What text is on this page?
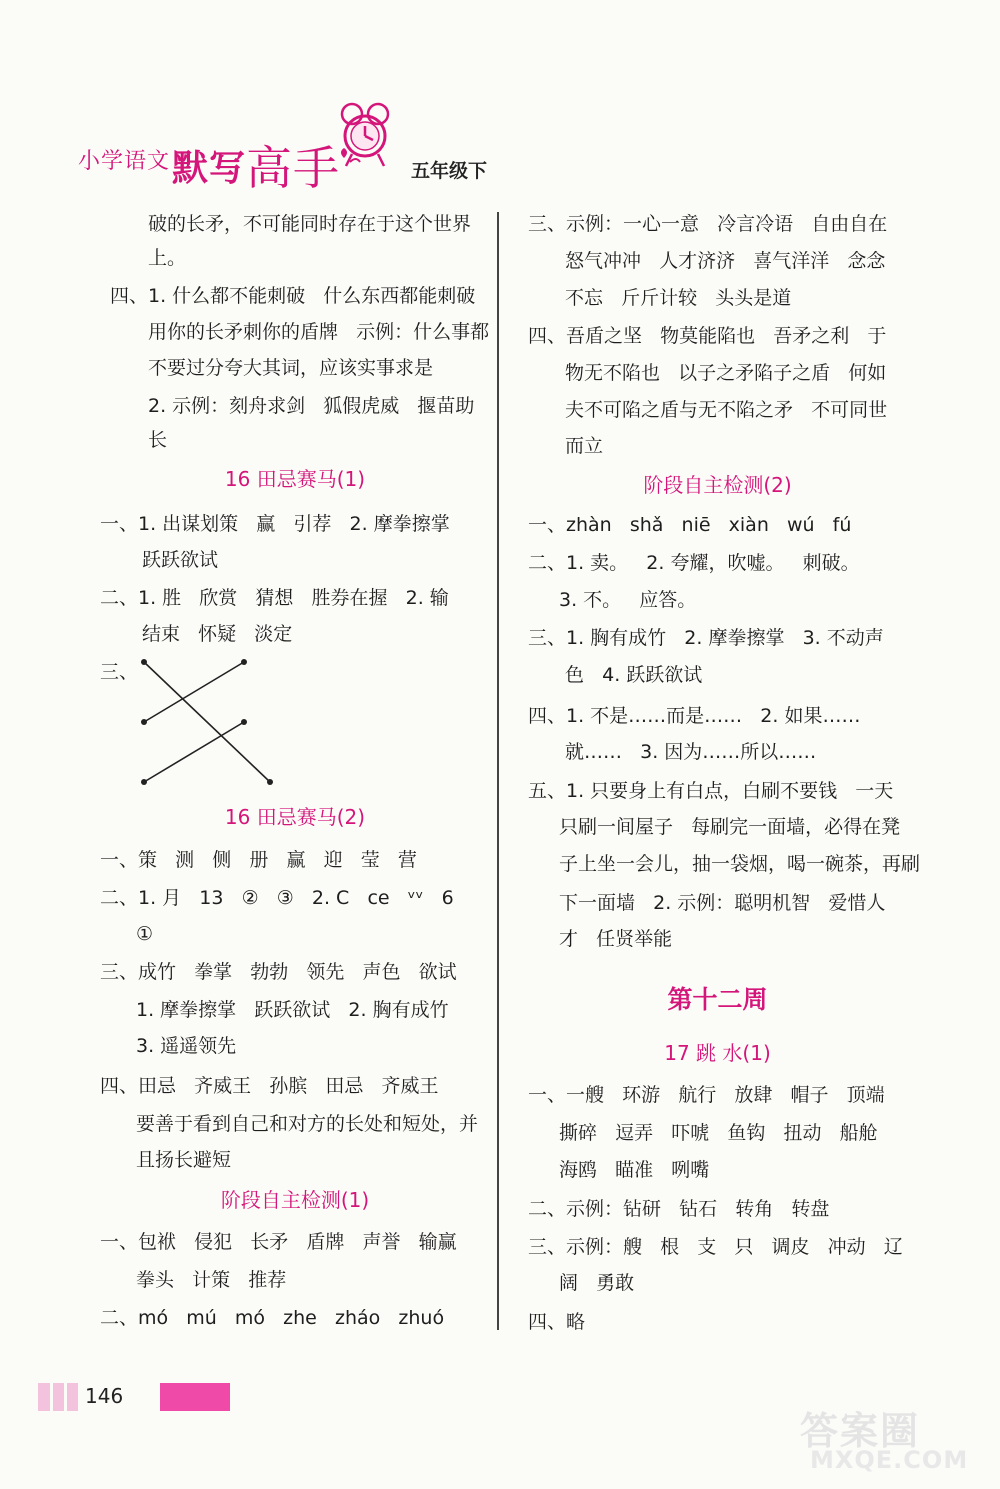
小学语文 默写高手	五年级下
破的长矛，不可能同时存在于这个世界
上。
四、1. 什么都不能刺破   什么东西都能刺破
用你的长矛刺你的盾牌   示例：什么事都
不要过分夸大其词，应该实事求是
2. 示例：刻舟求剑   狐假虎威   揠苗助
长
16 田忌赛马(1)
一、1. 出谋划策   赢   引荐   2. 摩拳擦掌
跃跃欲试
二、1. 胜   欣赏   猜想   胜券在握   2. 输
结束   怀疑   淡定
三、
16 田忌赛马(2)
一、策   测   侧   册   赢   迎   莹   营
二、1. 月   13   ②   ③   2. C   ce   ᵛᵛ   6
①
三、成竹   拳掌   勃勃   领先   声色   欲试
1. 摩拳擦掌   跃跃欲试   2. 胸有成竹
3. 遥遥领先
四、田忌   齐威王   孙膑   田忌   齐威王
要善于看到自己和对方的长处和短处，并
且扬长避短
阶段自主检测(1)
一、包袱   侵犯   长矛   盾牌   声誉   输赢
拳头   计策   推荐
二、mó   mú   mó   zhe   zháo   zhuó
三、示例：一心一意   冷言冷语   自由自在
怒气冲冲   人才济济   喜气洋洋   念念
不忘   斤斤计较   头头是道
四、吾盾之坚   物莫能陷也   吾矛之利   于
物无不陷也   以子之矛陷子之盾   何如
夫不可陷之盾与无不陷之矛   不可同世
而立
阶段自主检测(2)
一、zhàn   shǎ   niē   xiàn   wú   fú
二、1. 卖。   2. 夸耀，吹嘘。   刺破。
3. 不。   应答。
三、1. 胸有成竹   2. 摩拳擦掌   3. 不动声
色   4. 跃跃欲试
四、1. 不是……而是……   2. 如果……
就……   3. 因为……所以……
五、1. 只要身上有白点，白刷不要钱   一天
只刷一间屋子   每刷完一面墙，必得在凳
子上坐一会儿，抽一袋烟，喝一碗茶，再刷
下一面墙   2. 示例：聪明机智   爱惜人
才   任贤举能
第十二周
17 跳 水(1)
一、一艘   环游   航行   放肆   帽子   顶端
撕碎   逗弄   吓唬   鱼钩   扭动   船舱
海鸥   瞄准   咧嘴
二、示例：钻研   钻石   转角   转盘
三、示例：艘   根   支   只   调皮   冲动   辽
阔   勇敢
四、略
146
答案圈
MXQE.COM
